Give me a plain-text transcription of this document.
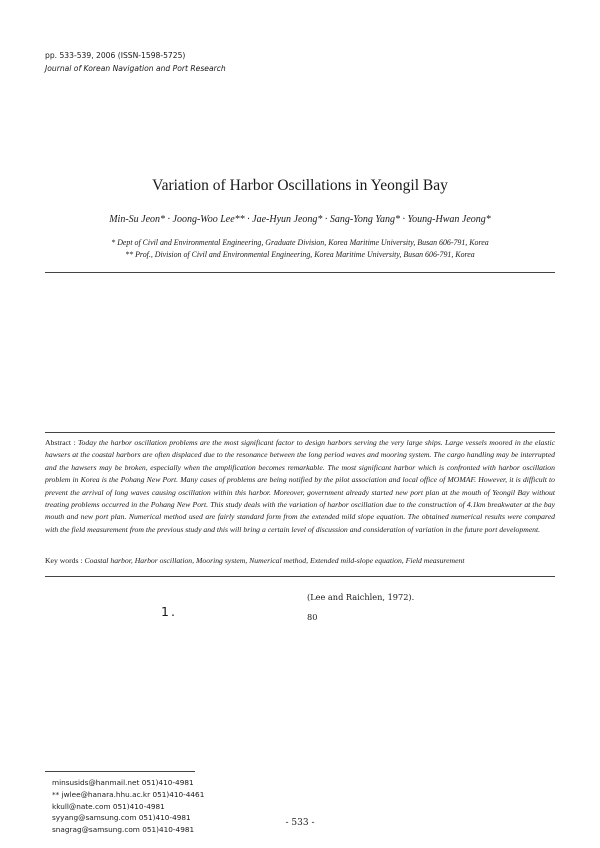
pp. 533-539, 2006 (ISSN-1598-5725)
Journal of Korean Navigation and Port Research
Variation of Harbor Oscillations in Yeongil Bay
Min-Su Jeon* · Joong-Woo Lee** · Jae-Hyun Jeong* · Sang-Yong Yang* · Young-Hwan Jeong*
* Dept of Civil and Environmental Engineering, Graduate Division, Korea Maritime University, Busan 606-791, Korea
** Prof., Division of Civil and Environmental Engineering, Korea Maritime University, Busan 606-791, Korea
Abstract : Today the harbor oscillation problems are the most significant factor to design harbors serving the very large ships. Large vessels moored in the elastic hawsers at the coastal harbors are often displaced due to the resonance between the long period waves and mooring system. The cargo handling may be interrupted and the hawsers may be broken, especially when the amplification becomes remarkable. The most significant harbor which is confronted with harbor oscillation problem in Korea is the Pohang New Port. Many cases of problems are being notified by the pilot association and local office of MOMAF. However, it is difficult to prevent the arrival of long waves causing oscillation within this harbor. Moreover, government already started new port plan at the mouth of Yeongil Bay without treating problems occurred in the Pohang New Port. This study deals with the variation of harbor oscillation due to the construction of 4.1km breakwater at the bay mouth and new port plan. Numerical method used are fairly standard form from the extended mild slope equation. The obtained numerical results were compared with the field measurement from the previous study and this will bring a certain level of discussion and consideration of variation in the future port development.
Key words : Coastal harbor, Harbor oscillation, Mooring system, Numerical method, Extended mild-slope equation, Field measurement
1.
(Lee and Raichlen, 1972).
80
minsusids@hanmail.net 051)410-4981
** jwlee@hanara.hhu.ac.kr 051)410-4461
kkull@nate.com 051)410-4981
syyang@samsung.com 051)410-4981
snagrag@samsung.com 051)410-4981
- 533 -
